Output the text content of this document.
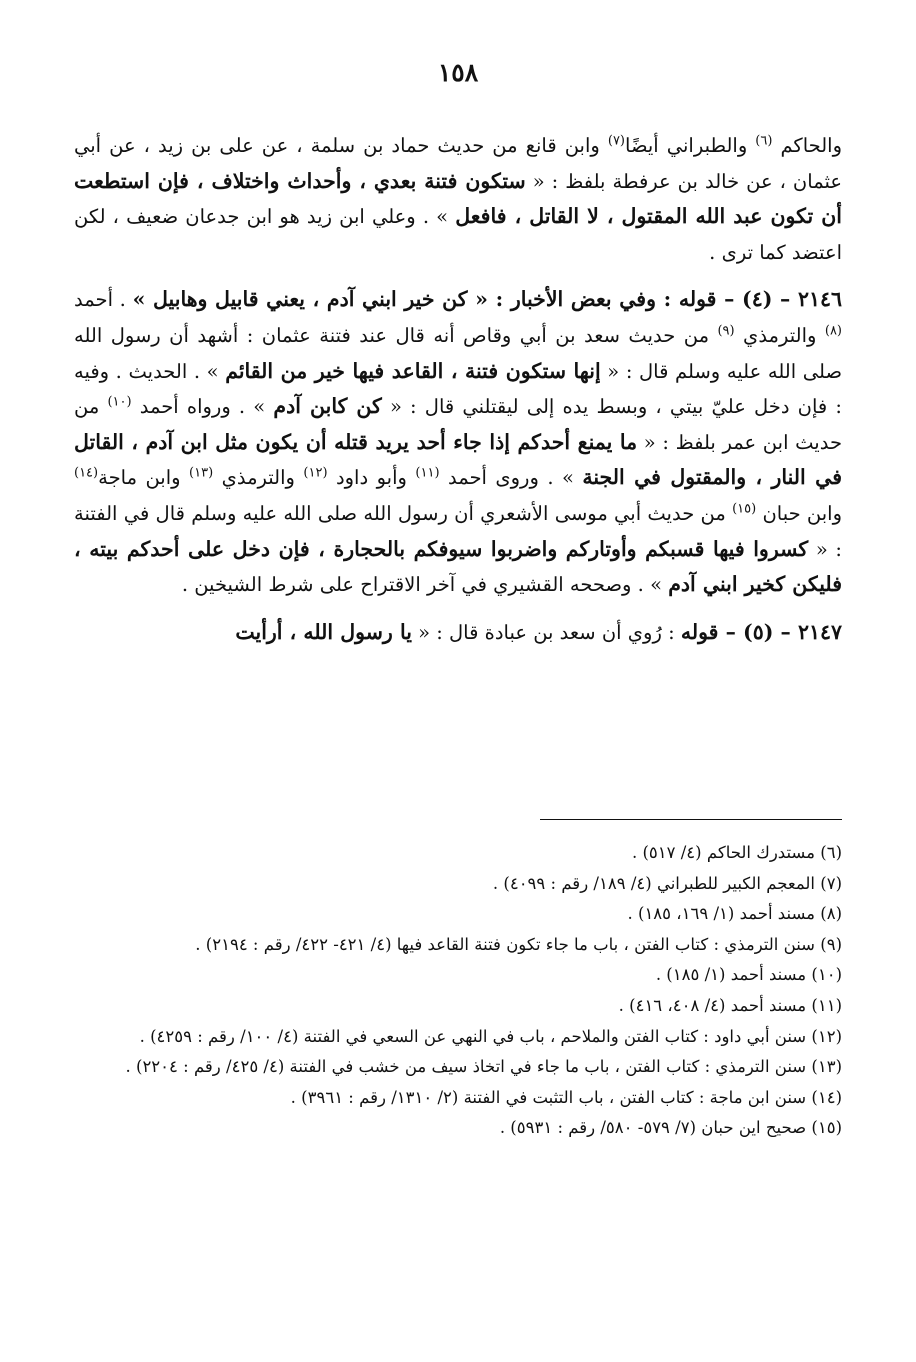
١٥٨

والحاكم $^{(٦)}$ والطبراني أيضًا$^{(٧)}$ وابن قانع من حديث حماد بن سلمة ، عن على بن زيد ، عن أبي عثمان ، عن خالد بن عرفطة بلفظ : « ستكون فتنة بعدي ، وأحداث واختلاف ، فإن استطعت أن تكون عبد الله المقتول ، لا القاتل ، فافعل » . وعلي ابن زيد هو ابن جدعان ضعيف ، لكن اعتضد كما ترى .

٢١٤٦ – (٤) – قوله : وفي بعض الأخبار : « كن خير ابني آدم ، يعني قابيل وهابيل » . أحمد $^{(٨)}$ والترمذي $^{(٩)}$ من حديث سعد بن أبي وقاص أنه قال عند فتنة عثمان : أشهد أن رسول الله صلى الله عليه وسلم قال : « إنها ستكون فتنة ، القاعد فيها خير من القائم » . الحديث . وفيه : فإن دخل عليّ بيتي ، وبسط يده إلى ليقتلني قال : « كن كابن آدم » . ورواه أحمد $^{(١٠)}$ من حديث ابن عمر بلفظ : « ما يمنع أحدكم إذا جاء أحد يريد قتله أن يكون مثل ابن آدم ، القاتل في النار ، والمقتول في الجنة » . وروى أحمد $^{(١١)}$ وأبو داود $^{(١٢)}$ والترمذي $^{(١٣)}$ وابن ماجة$^{(١٤)}$ وابن حبان $^{(١٥)}$ من حديث أبي موسى الأشعري أن رسول الله صلى الله عليه وسلم قال في الفتنة : « كسروا فيها قسبكم وأوتاركم واضربوا سيوفكم بالحجارة ، فإن دخل على أحدكم بيته ، فليكن كخير ابني آدم » . وصححه القشيري في آخر الاقتراح على شرط الشيخين .

٢١٤٧ – (٥) – قوله : رُوي أن سعد بن عبادة قال : « يا رسول الله ، أرأيت

(٦) مستدرك الحاكم (٤/ ٥١٧) .

(٧) المعجم الكبير للطبراني (٤/ ١٨٩/ رقم : ٤٠٩٩) .

(٨) مسند أحمد (١/ ١٦٩، ١٨٥) .

(٩) سنن الترمذي : كتاب الفتن ، باب ما جاء تكون فتنة القاعد فيها (٤/ ٤٢١- ٤٢٢/ رقم : ٢١٩٤) .

(١٠) مسند أحمد (١/ ١٨٥) .

(١١) مسند أحمد (٤/ ٤٠٨، ٤١٦) .

(١٢) سنن أبي داود : كتاب الفتن والملاحم ، باب في النهي عن السعي في الفتنة (٤/ ١٠٠/ رقم : ٤٢٥٩) .

(١٣) سنن الترمذي : كتاب الفتن ، باب ما جاء في اتخاذ سيف من خشب في الفتنة (٤/ ٤٢٥/ رقم : ٢٢٠٤) .

(١٤) سنن ابن ماجة : كتاب الفتن ، باب التثبت في الفتنة (٢/ ١٣١٠/ رقم : ٣٩٦١) .

(١٥) صحيح اين حبان (٧/ ٥٧٩- ٥٨٠/ رقم : ٥٩٣١) .
